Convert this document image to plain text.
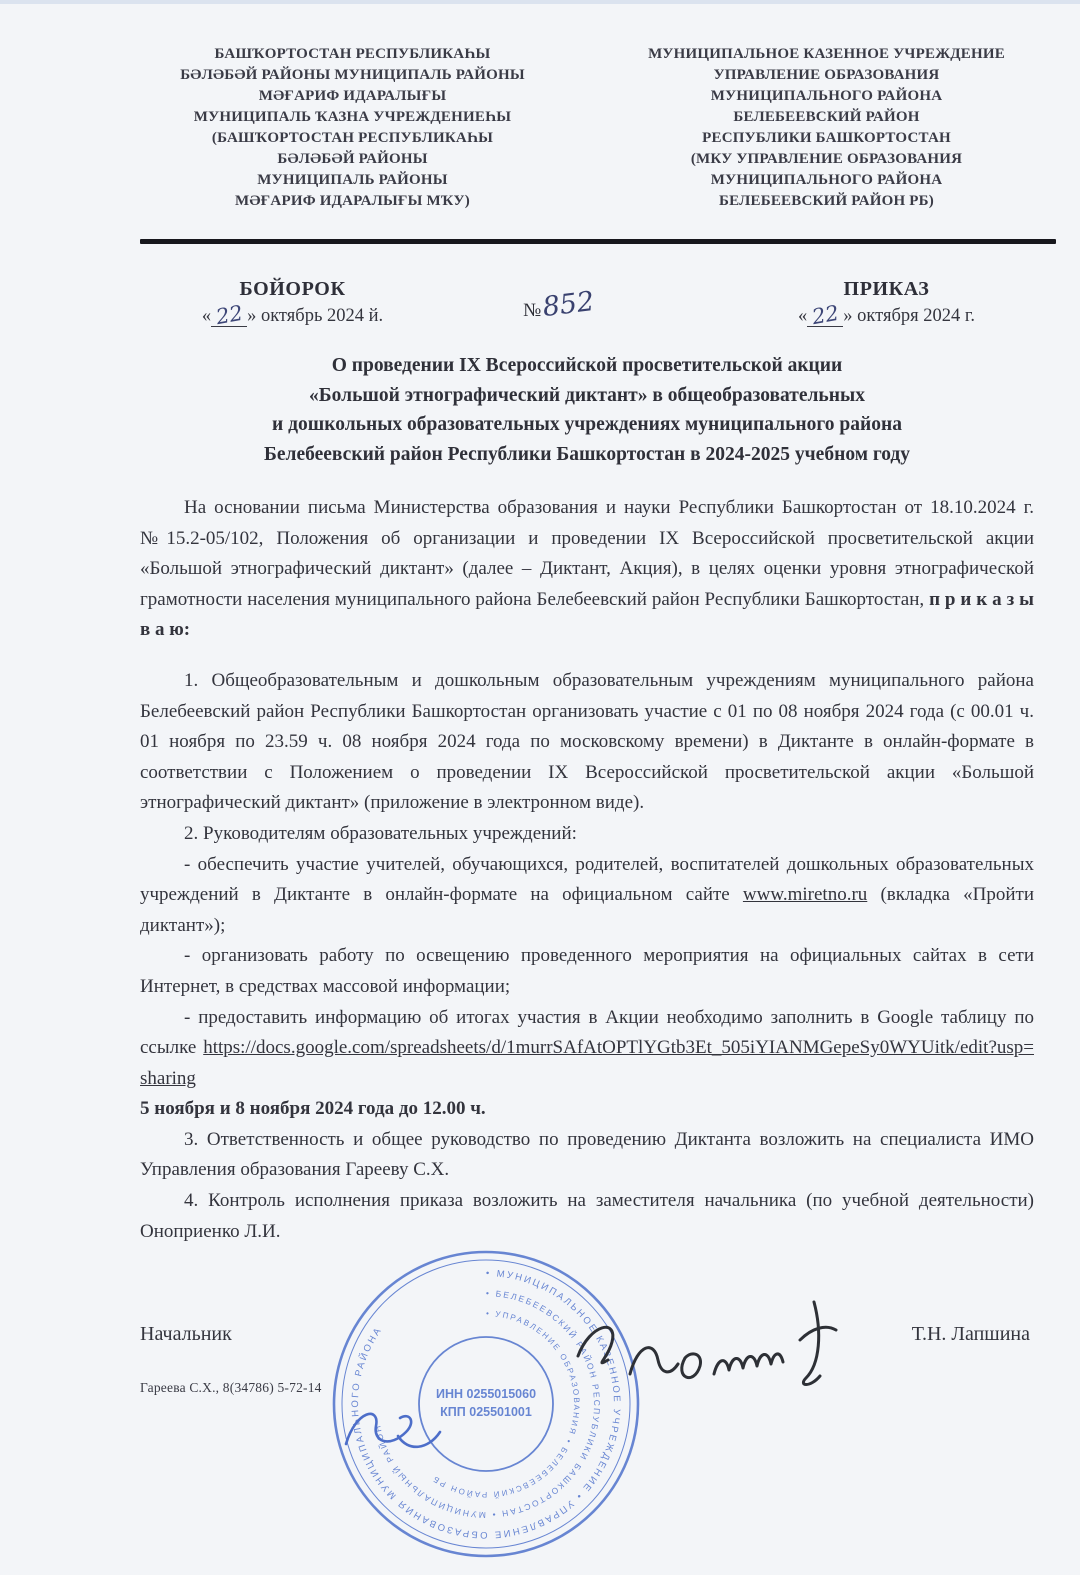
БАШҠОРТОСТАН РЕСПУБЛИКАҺЫ
БӘЛӘБӘЙ РАЙОНЫ МУНИЦИПАЛЬ РАЙОНЫ
МӘҒАРИФ ИДАРАЛЫҒЫ
МУНИЦИПАЛЬ ҠАЗНА УЧРЕЖДЕНИЕҺЫ
(БАШҠОРТОСТАН РЕСПУБЛИКАҺЫ
БӘЛӘБӘЙ РАЙОНЫ
МУНИЦИПАЛЬ РАЙОНЫ
МӘҒАРИФ ИДАРАЛЫҒЫ МҠУ)
МУНИЦИПАЛЬНОЕ КАЗЕННОЕ УЧРЕЖДЕНИЕ
УПРАВЛЕНИЕ ОБРАЗОВАНИЯ
МУНИЦИПАЛЬНОГО РАЙОНА
БЕЛЕБЕЕВСКИЙ РАЙОН
РЕСПУБЛИКИ БАШКОРТОСТАН
(МКУ УПРАВЛЕНИЕ ОБРАЗОВАНИЯ
МУНИЦИПАЛЬНОГО РАЙОНА
БЕЛЕБЕЕВСКИЙ РАЙОН РБ)
БОЙОРОК
« 22 » октябрь 2024 й.	№852	ПРИКАЗ
« 22 » октября 2024 г.
О проведении IX Всероссийской просветительской акции
«Большой этнографический диктант» в общеобразовательных
и дошкольных образовательных учреждениях муниципального района
Белебеевский район Республики Башкортостан в 2024-2025 учебном году

На основании письма Министерства образования и науки Республики Башкортостан от 18.10.2024 г. №15.2-05/102, Положения об организации и проведении IX Всероссийской просветительской акции «Большой этнографический диктант» (далее – Диктант, Акция), в целях оценки уровня этнографической грамотности населения муниципального района Белебеевский район Республики Башкортостан, п р и к а з ы в а ю:

1. Общеобразовательным и дошкольным образовательным учреждениям муниципального района Белебеевский район Республики Башкортостан организовать участие с 01 по 08 ноября 2024 года (с 00.01 ч. 01 ноября по 23.59 ч. 08 ноября 2024 года по московскому времени) в Диктанте в онлайн-формате в соответствии с Положением о проведении IX Всероссийской просветительской акции «Большой этнографический диктант» (приложение в электронном виде).

2. Руководителям образовательных учреждений:

- обеспечить участие учителей, обучающихся, родителей, воспитателей дошкольных образовательных учреждений в Диктанте в онлайн-формате на официальном сайте www.miretno.ru (вкладка «Пройти диктант»);

- организовать работу по освещению проведенного мероприятия на официальных сайтах в сети Интернет, в средствах массовой информации;

- предоставить информацию об итогах участия в Акции необходимо заполнить в Google таблицу по ссылке https://docs.google.com/spreadsheets/d/1murrSAfAtOPTlYGtb3Et_505iYIANMGepeSy0WYUitk/edit?usp=sharing

5 ноября и 8 ноября 2024 года до 12.00 ч.

3. Ответственность и общее руководство по проведению Диктанта возложить на специалиста ИМО Управления образования Гарееву С.Х.

4. Контроль исполнения приказа возложить на заместителя начальника (по учебной деятельности) Оноприенко Л.И.

Начальник	Т.Н. Лапшина
Гареева С.Х., 8(34786) 5-72-14
• МУНИЦИПАЛЬНОЕ КАЗЕННОЕ УЧРЕЖДЕНИЕ • УПРАВЛЕНИЕ ОБРАЗОВАНИЯ МУНИЦИПАЛЬНОГО РАЙОНА
• БЕЛЕБЕЕВСКИЙ РАЙОН РЕСПУБЛИКИ БАШКОРТОСТАН • МУНИЦИПАЛЬНЫЙ РАЙОН
• УПРАВЛЕНИЕ ОБРАЗОВАНИЯ • БЕЛЕБЕЕВСКИЙ РАЙОН РБ
ИНН 0255015060
КПП 025501001
